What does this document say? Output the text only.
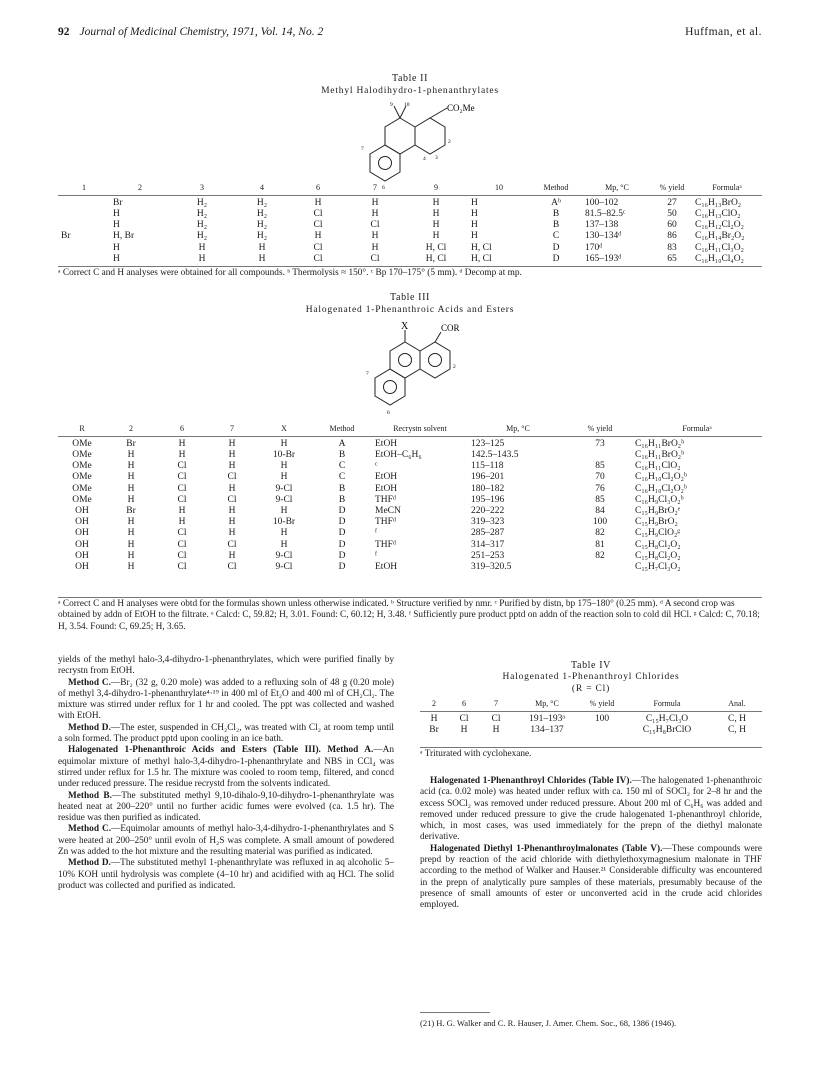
92 Journal of Medicinal Chemistry, 1971, Vol. 14, No. 2	Huffman, et al.
Table II
Methyl Halodihydro-1-phenanthrylates
CO₂Me
9 10
7
2
3
4
6
1	2	3	4	6	7	9	10	Method	Mp, °C	% yield	Formulaᵃ
	Br	H₂	H₂	H	H	H	H	Aᵇ	100–102	27	C₁₆H₁₃BrO₂
	H	H₂	H₂	Cl	H	H	H	B	81.5–82.5ᶜ	50	C₁₆H₁₃ClO₂
	H	H₂	H₂	Cl	Cl	H	H	B	137–138	60	C₁₆H₁₂Cl₂O₂
Br	H, Br	H₂	H₂	H	H	H	H	C	130–134ᵈ	86	C₁₆H₁₄Br₂O₂
	H	H	H	Cl	H	H, Cl	H, Cl	D	170ᵈ	83	C₁₆H₁₁Cl₃O₂
	H	H	H	Cl	Cl	H, Cl	H, Cl	D	165–193ᵈ	65	C₁₆H₁₀Cl₄O₂
ᵃ Correct C and H analyses were obtained for all compounds. ᵇ Thermolysis ≈ 150°. ᶜ Bp 170–175° (5 mm). ᵈ Decomp at mp.
Table III
Halogenated 1-Phenanthroic Acids and Esters
X	COR
7
2
6
R	2	6	7	X	Method	Recrystn solvent	Mp, °C	% yield	Formulaᵃ
OMe	Br	H	H	H	A	EtOH	123–125	73	C₁₆H₁₁BrO₂ᵇ
OMe	H	H	H	10-Br	B	EtOH–C₆H₆	142.5–143.5		C₁₆H₁₁BrO₂ᵇ
OMe	H	Cl	H	H	C	ᶜ	115–118	85	C₁₆H₁₁ClO₂
OMe	H	Cl	Cl	H	C	EtOH	196–201	70	C₁₆H₁₀Cl₂O₂ᵇ
OMe	H	Cl	H	9-Cl	B	EtOH	180–182	76	C₁₆H₁₀Cl₂O₂ᵇ
OMe	H	Cl	Cl	9-Cl	B	THFᵈ	195–196	85	C₁₆H₉Cl₃O₂ᵇ
OH	Br	H	H	H	D	MeCN	220–222	84	C₁₅H₉BrO₂ᵉ
OH	H	H	H	10-Br	D	THFᵈ	319–323	100	C₁₅H₉BrO₂
OH	H	Cl	H	H	D	ᶠ	285–287	82	C₁₅H₉ClO₂ᵍ
OH	H	Cl	Cl	H	D	THFᵈ	314–317	81	C₁₅H₈Cl₂O₂
OH	H	Cl	H	9-Cl	D	ᶠ	251–253	82	C₁₅H₈Cl₂O₂
OH	H	Cl	Cl	9-Cl	D	EtOH	319–320.5		C₁₅H₇Cl₃O₂
ᵃ Correct C and H analyses were obtd for the formulas shown unless otherwise indicated. ᵇ Structure verified by nmr. ᶜ Purified by distn, bp 175–180° (0.25 mm). ᵈ A second crop was obtained by addn of EtOH to the filtrate. ᵉ Calcd: C, 59.82; H, 3.01. Found: C, 60.12; H, 3.48. ᶠ Sufficiently pure product pptd on addn of the reaction soln to cold dil HCl. ᵍ Calcd: C, 70.18; H, 3.54. Found: C, 69.25; H, 3.65.

yields of the methyl halo-3,4-dihydro-1-phenanthrylates, which were purified finally by recrystn from EtOH.

Method C.—Br₂ (32 g, 0.20 mole) was added to a refluxing soln of 48 g (0.20 mole) of methyl 3,4-dihydro-1-phenanthrylate⁴·¹⁹ in 400 ml of Et₂O and 400 ml of CH₂Cl₂. The mixture was stirred under reflux for 1 hr and cooled. The ppt was collected and washed with EtOH.

Method D.—The ester, suspended in CH₂Cl₂, was treated with Cl₂ at room temp until a soln formed. The product pptd upon cooling in an ice bath.

Halogenated 1-Phenanthroic Acids and Esters (Table III). Method A.—An equimolar mixture of methyl halo-3,4-dihydro-1-phenanthrylate and NBS in CCl₄ was stirred under reflux for 1.5 hr. The mixture was cooled to room temp, filtered, and concd under reduced pressure. The residue recrystd from the solvents indicated.

Method B.—The substituted methyl 9,10-dihalo-9,10-dihydro-1-phenanthrylate was heated neat at 200–220° until no further acidic fumes were evolved (ca. 1.5 hr). The residue was then purified as indicated.

Method C.—Equimolar amounts of methyl halo-3,4-dihydro-1-phenanthrylates and S were heated at 200–250° until evoln of H₂S was complete. A small amount of powdered Zn was added to the hot mixture and the resulting material was purified as indicated.

Method D.—The substituted methyl 1-phenanthrylate was refluxed in aq alcoholic 5–10% KOH until hydrolysis was complete (4–10 hr) and acidified with aq HCl. The solid product was collected and purified as indicated.

Table IV
Halogenated 1-Phenanthroyl Chlorides
(R = Cl)
2	6	7	Mp, °C	% yield	Formula	Anal.
H	Cl	Cl	191–193ᵃ	100	C₁₅H₇Cl₃O	C, H
Br	H	H	134–137		C₁₅H₈BrClO	C, H
ᵃ Triturated with cyclohexane.

Halogenated 1-Phenanthroyl Chlorides (Table IV).—The halogenated 1-phenanthroic acid (ca. 0.02 mole) was heated under reflux with ca. 150 ml of SOCl₂ for 2–8 hr and the excess SOCl₂ was removed under reduced pressure. About 200 ml of C₆H₆ was added and removed under reduced pressure to give the crude halogenated 1-phenanthroyl chloride, which, in most cases, was used immediately for the prepn of the diethyl malonate derivative.

Halogenated Diethyl 1-Phenanthroylmalonates (Table V).—These compounds were prepd by reaction of the acid chloride with diethylethoxymagnesium malonate in THF according to the method of Walker and Hauser.²¹ Considerable difficulty was encountered in the prepn of analytically pure samples of these materials, presumably because of the presence of small amounts of ester or unconverted acid in the crude acid chlorides employed.

(21) H. G. Walker and C. R. Hauser, J. Amer. Chem. Soc., 68, 1386 (1946).
